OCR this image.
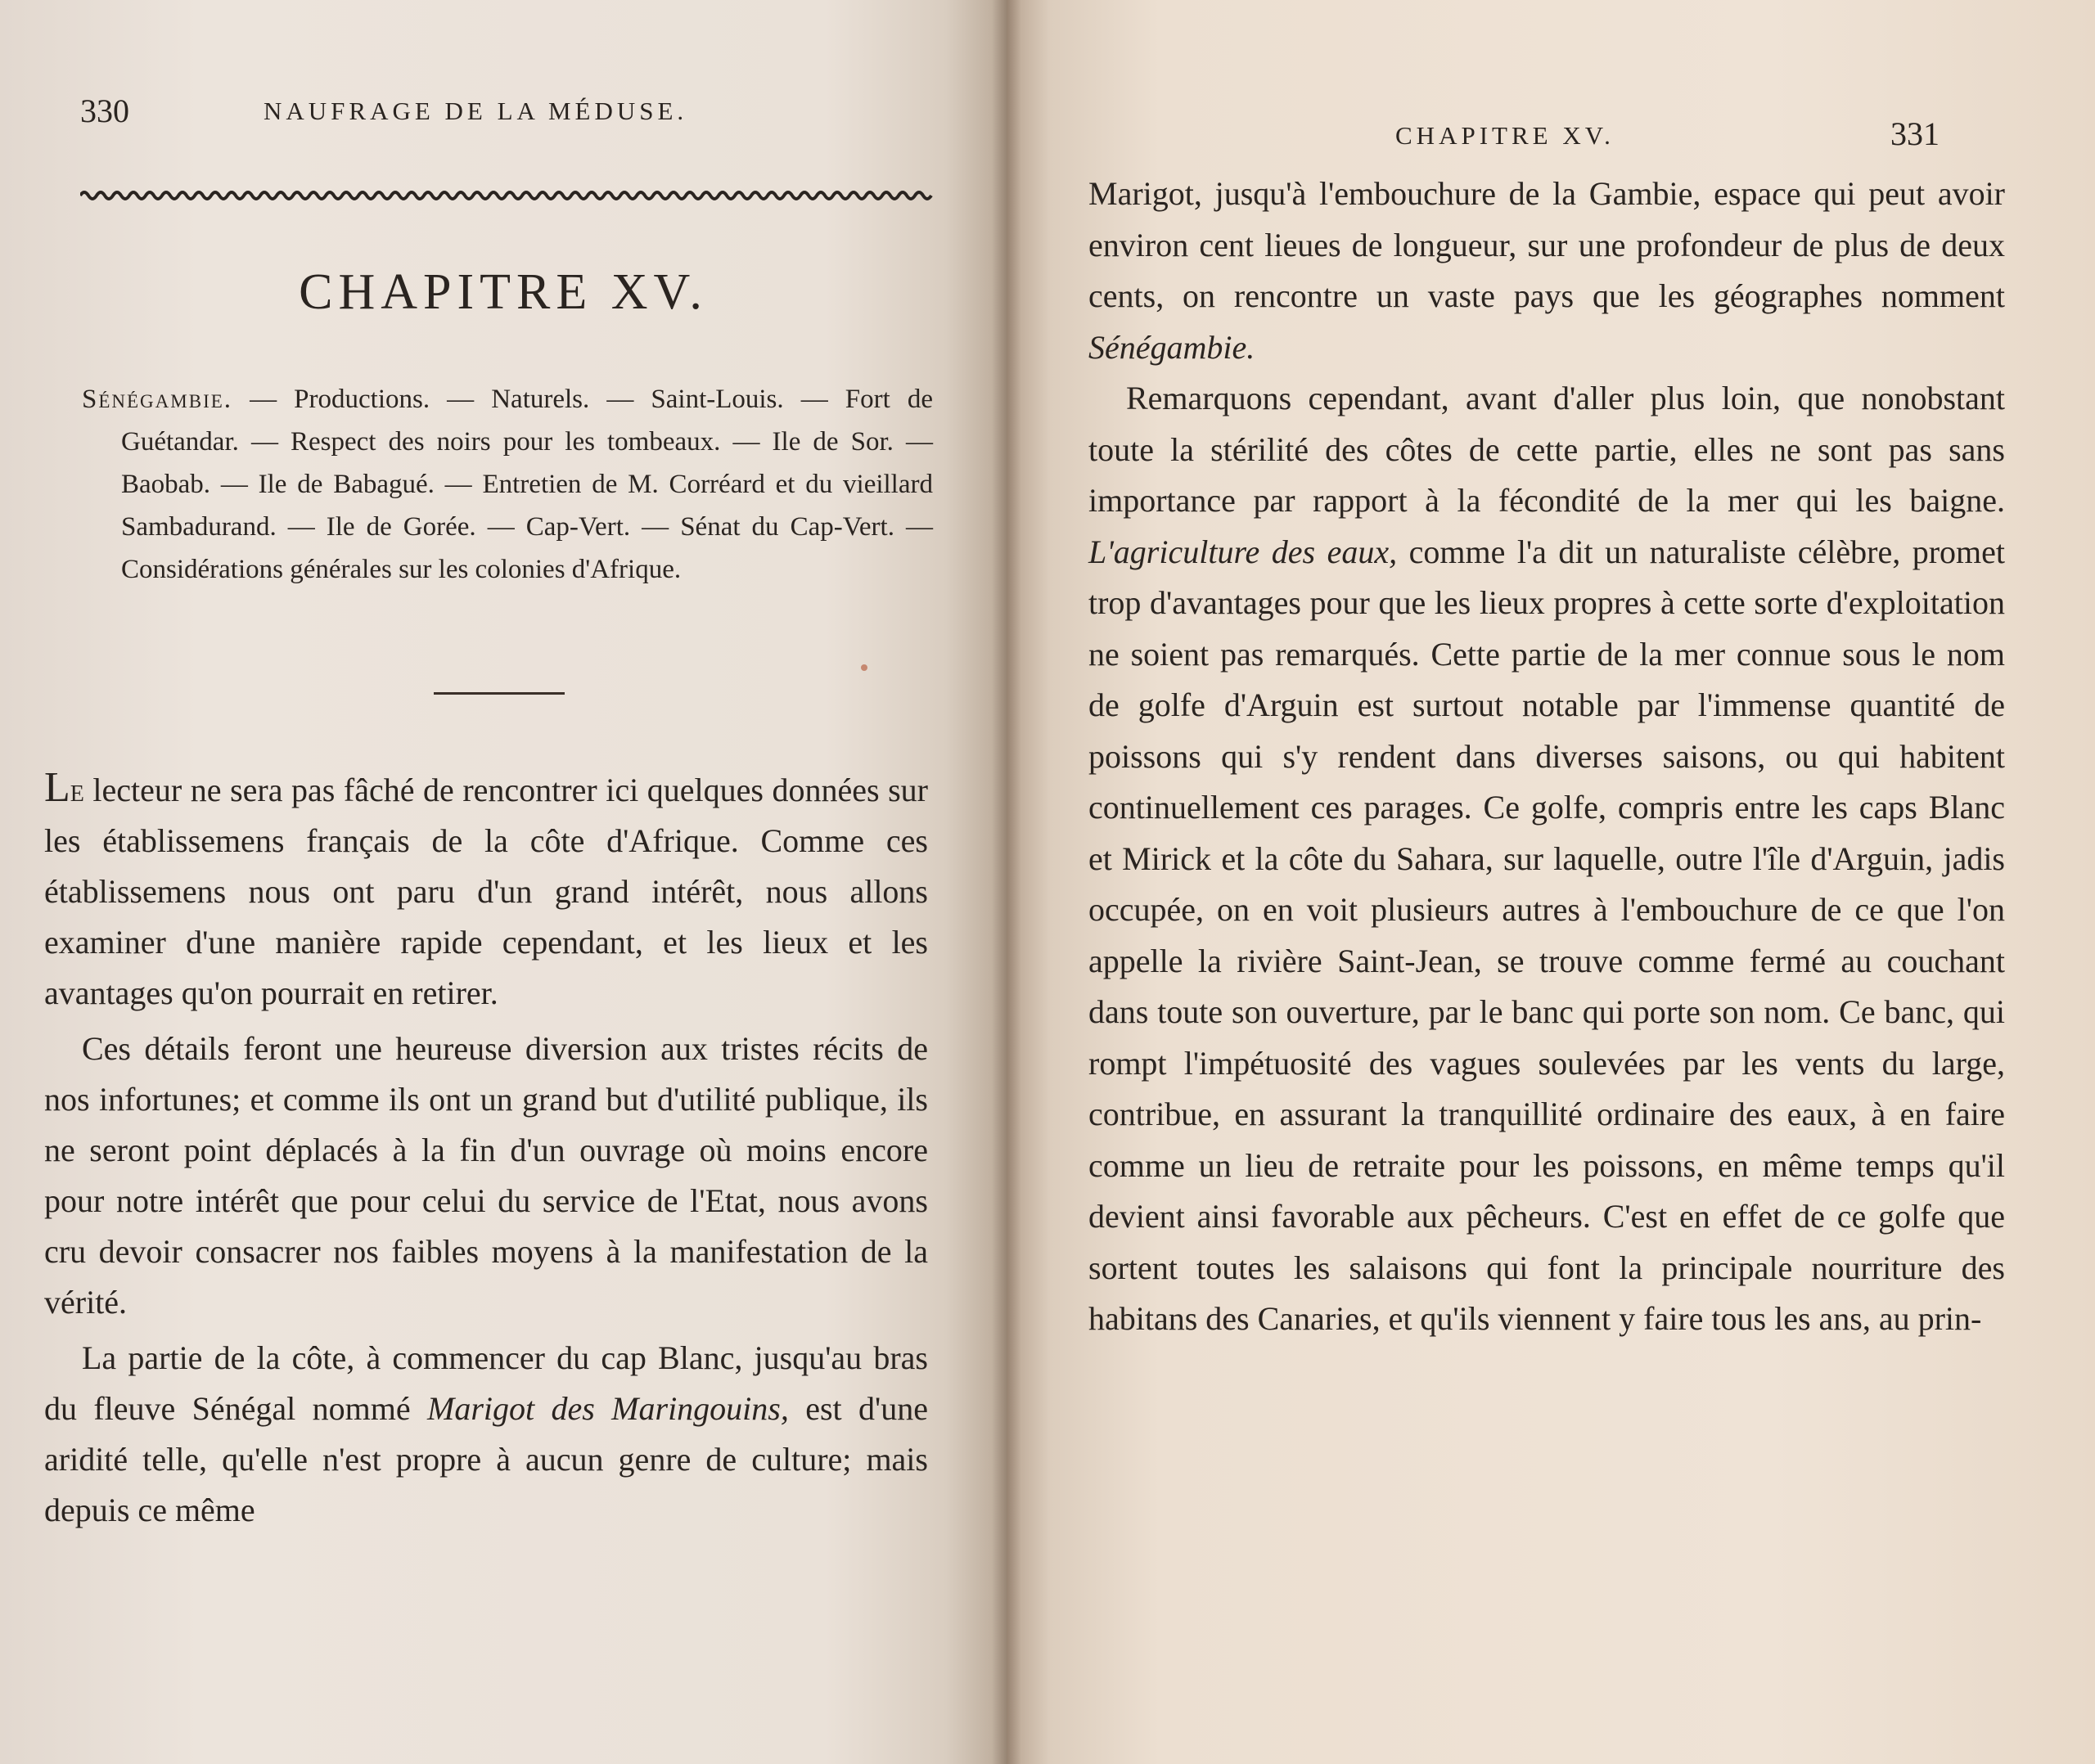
330	NAUFRAGE DE LA MÉDUSE.
CHAPITRE XV.
Sénégambie. — Productions. — Naturels. — Saint-Louis. — Fort de Guétandar. — Respect des noirs pour les tombeaux. — Ile de Sor. — Baobab. — Ile de Babagué. — Entretien de M. Corréard et du vieillard Sambadurand. — Ile de Gorée. — Cap-Vert. — Sénat du Cap-Vert. — Considérations générales sur les colonies d'Afrique.

Le lecteur ne sera pas fâché de rencontrer ici quelques données sur les établissemens français de la côte d'Afrique. Comme ces établissemens nous ont paru d'un grand intérêt, nous allons examiner d'une manière rapide cependant, et les lieux et les avantages qu'on pourrait en retirer.

Ces détails feront une heureuse diversion aux tristes récits de nos infortunes; et comme ils ont un grand but d'utilité publique, ils ne seront point déplacés à la fin d'un ouvrage où moins encore pour notre intérêt que pour celui du service de l'Etat, nous avons cru devoir consacrer nos faibles moyens à la manifestation de la vérité.

La partie de la côte, à commencer du cap Blanc, jusqu'au bras du fleuve Sénégal nommé Marigot des Maringouins, est d'une aridité telle, qu'elle n'est propre à aucun genre de culture; mais depuis ce même

CHAPITRE XV.	331

Marigot, jusqu'à l'embouchure de la Gambie, espace qui peut avoir environ cent lieues de longueur, sur une profondeur de plus de deux cents, on rencontre un vaste pays que les géographes nomment Sénégambie.

Remarquons cependant, avant d'aller plus loin, que nonobstant toute la stérilité des côtes de cette partie, elles ne sont pas sans importance par rapport à la fécondité de la mer qui les baigne. L'agriculture des eaux, comme l'a dit un naturaliste célèbre, promet trop d'avantages pour que les lieux propres à cette sorte d'exploitation ne soient pas remarqués. Cette partie de la mer connue sous le nom de golfe d'Arguin est surtout notable par l'immense quantité de poissons qui s'y rendent dans diverses saisons, ou qui habitent continuellement ces parages. Ce golfe, compris entre les caps Blanc et Mirick et la côte du Sahara, sur laquelle, outre l'île d'Arguin, jadis occupée, on en voit plusieurs autres à l'embouchure de ce que l'on appelle la rivière Saint-Jean, se trouve comme fermé au couchant dans toute son ouverture, par le banc qui porte son nom. Ce banc, qui rompt l'impétuosité des vagues soulevées par les vents du large, contribue, en assurant la tranquillité ordinaire des eaux, à en faire comme un lieu de retraite pour les poissons, en même temps qu'il devient ainsi favorable aux pêcheurs. C'est en effet de ce golfe que sortent toutes les salaisons qui font la principale nourriture des habitans des Canaries, et qu'ils viennent y faire tous les ans, au prin-
